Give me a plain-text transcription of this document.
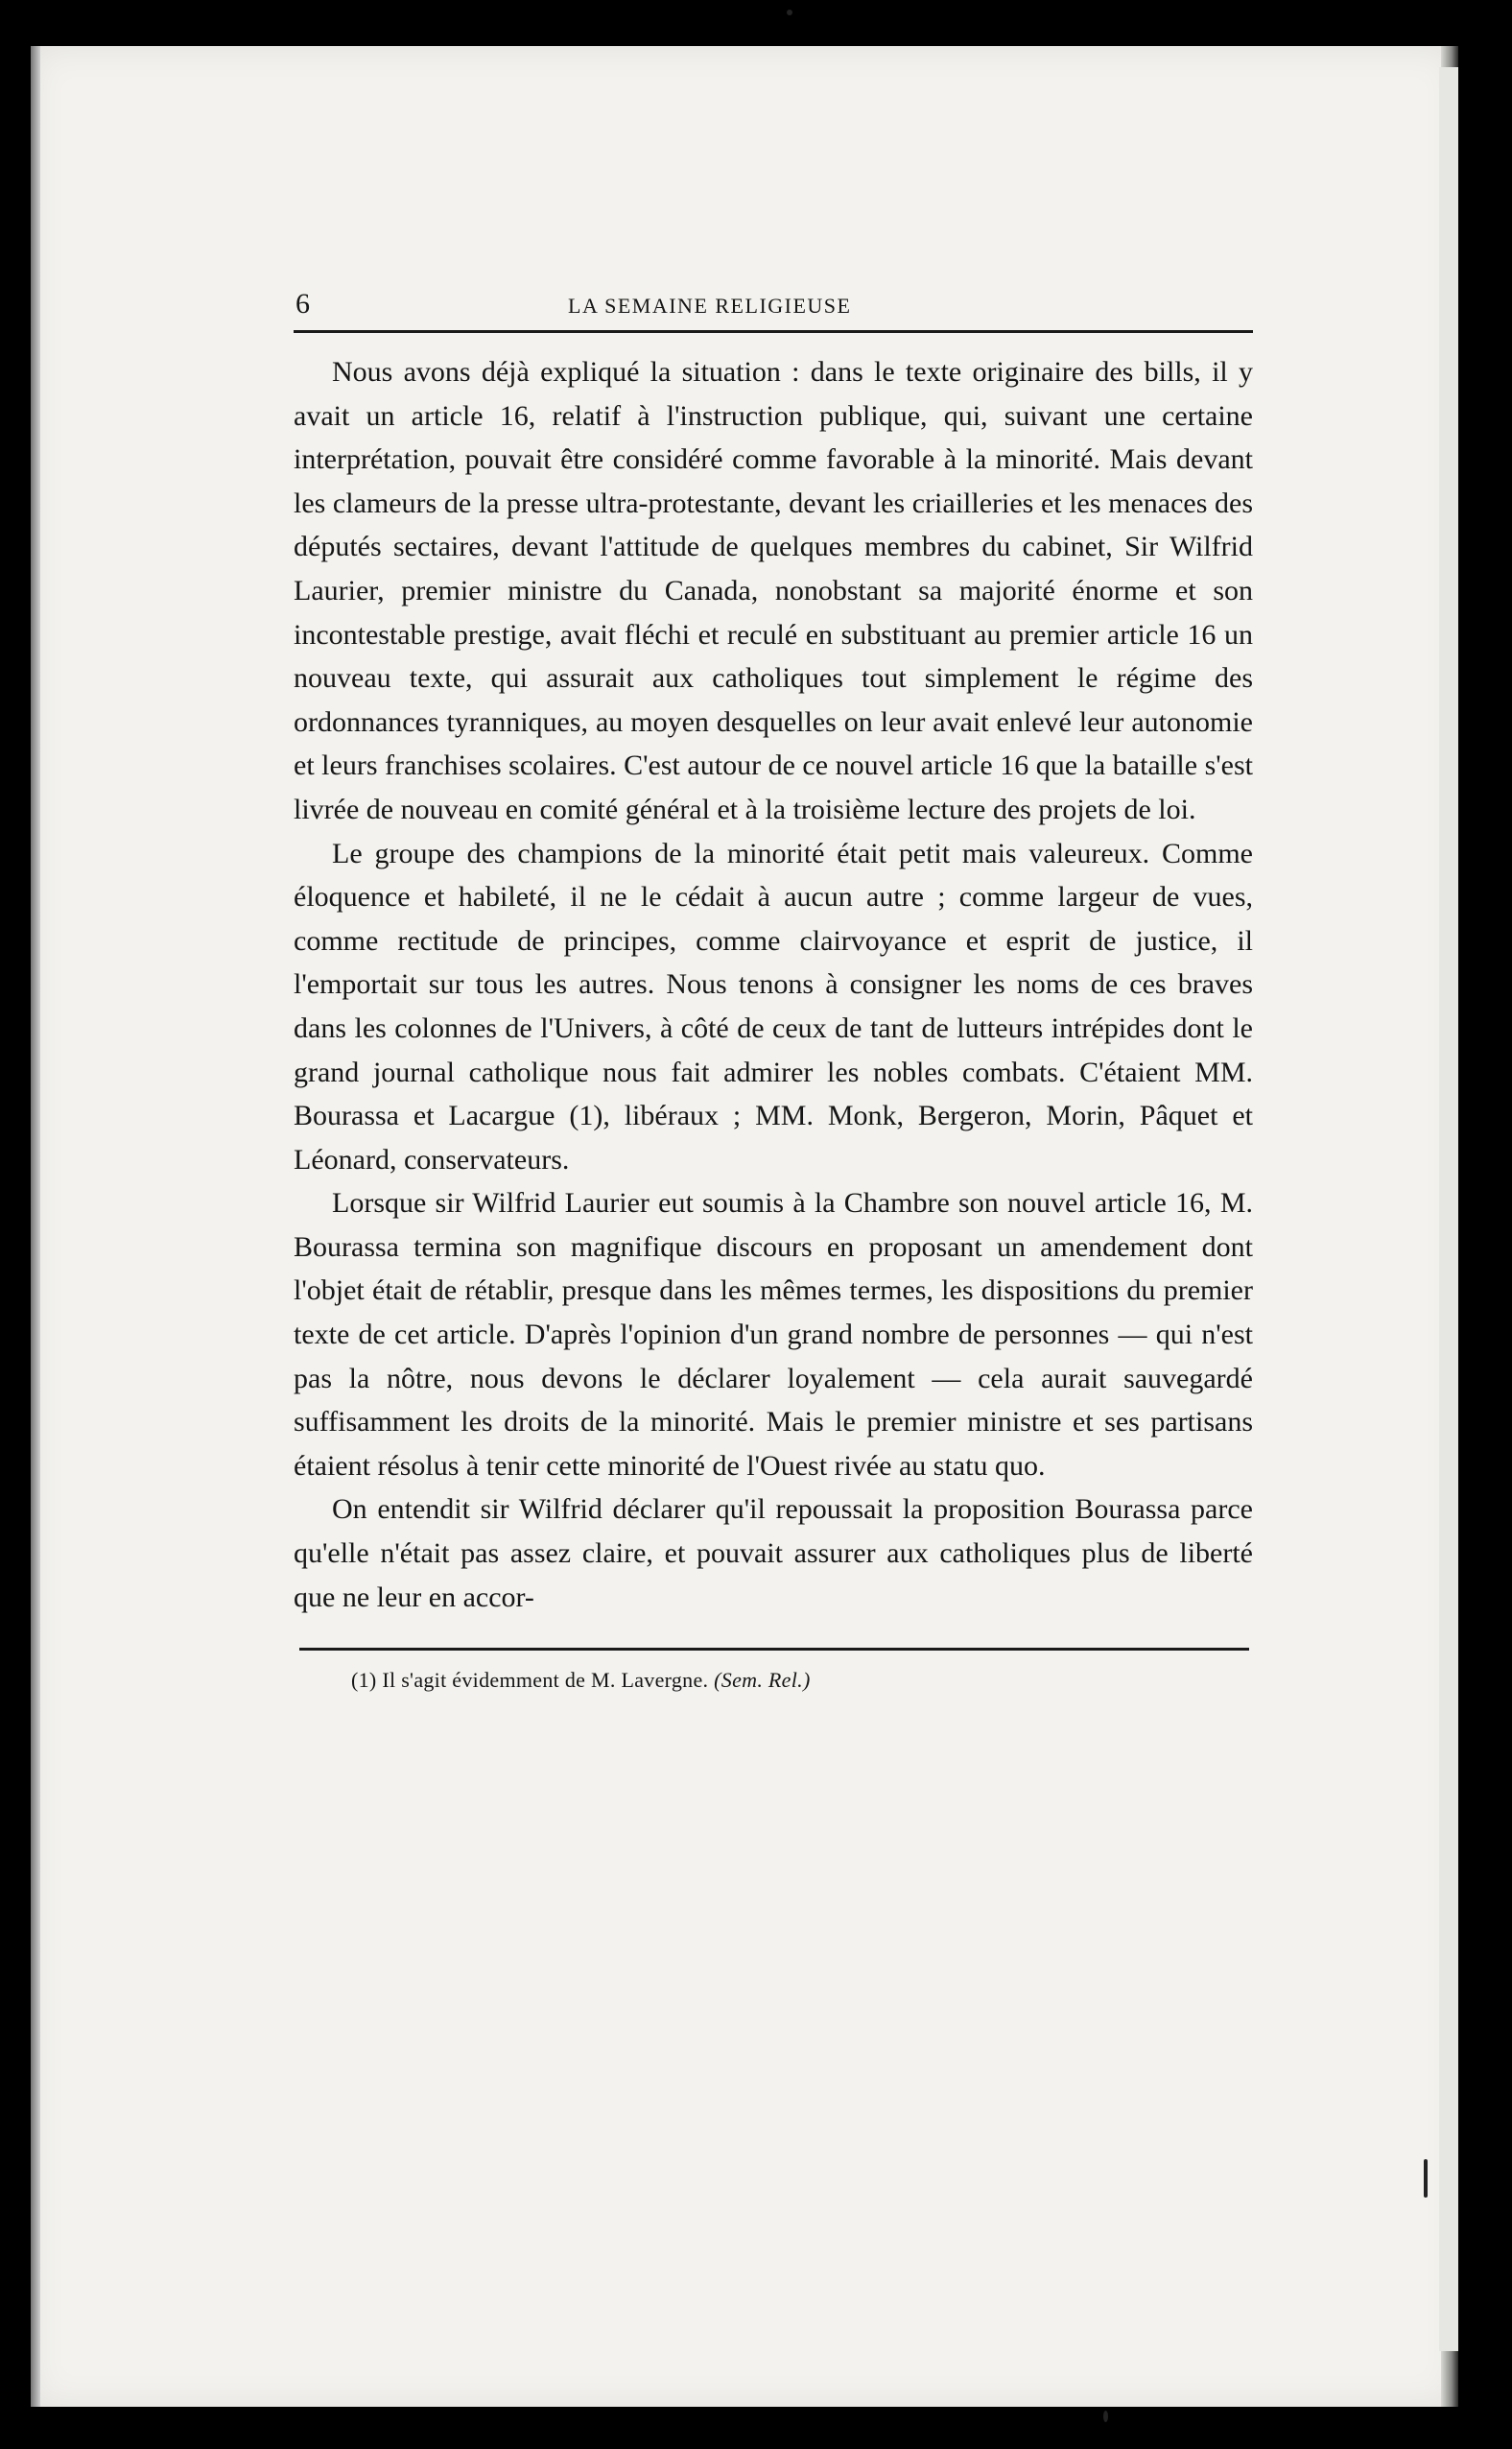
6	LA SEMAINE RELIGIEUSE

Nous avons déjà expliqué la situation : dans le texte originaire des bills, il y avait un article 16, relatif à l'instruction publique, qui, suivant une certaine interprétation, pouvait être considéré comme favorable à la minorité. Mais devant les clameurs de la presse ultra-protestante, devant les criailleries et les menaces des députés sectaires, devant l'attitude de quelques membres du cabinet, Sir Wilfrid Laurier, premier ministre du Canada, nonobstant sa majorité énorme et son incontestable prestige, avait fléchi et reculé en substituant au premier article 16 un nouveau texte, qui assurait aux catholiques tout simplement le régime des ordonnances tyranniques, au moyen desquelles on leur avait enlevé leur autonomie et leurs franchises scolaires. C'est autour de ce nouvel article 16 que la bataille s'est livrée de nouveau en comité général et à la troisième lecture des projets de loi.

Le groupe des champions de la minorité était petit mais valeureux. Comme éloquence et habileté, il ne le cédait à aucun autre ; comme largeur de vues, comme rectitude de principes, comme clairvoyance et esprit de justice, il l'emportait sur tous les autres. Nous tenons à consigner les noms de ces braves dans les colonnes de l'Univers, à côté de ceux de tant de lutteurs intrépides dont le grand journal catholique nous fait admirer les nobles combats. C'étaient MM. Bourassa et Lacargue (1), libéraux ; MM. Monk, Bergeron, Morin, Pâquet et Léonard, conservateurs.

Lorsque sir Wilfrid Laurier eut soumis à la Chambre son nouvel article 16, M. Bourassa termina son magnifique discours en proposant un amendement dont l'objet était de rétablir, presque dans les mêmes termes, les dispositions du premier texte de cet article. D'après l'opinion d'un grand nombre de personnes — qui n'est pas la nôtre, nous devons le déclarer loyalement — cela aurait sauvegardé suffisamment les droits de la minorité. Mais le premier ministre et ses partisans étaient résolus à tenir cette minorité de l'Ouest rivée au statu quo.

On entendit sir Wilfrid déclarer qu'il repoussait la proposition Bourassa parce qu'elle n'était pas assez claire, et pouvait assurer aux catholiques plus de liberté que ne leur en accor-

(1) Il s'agit évidemment de M. Lavergne. (Sem. Rel.)
